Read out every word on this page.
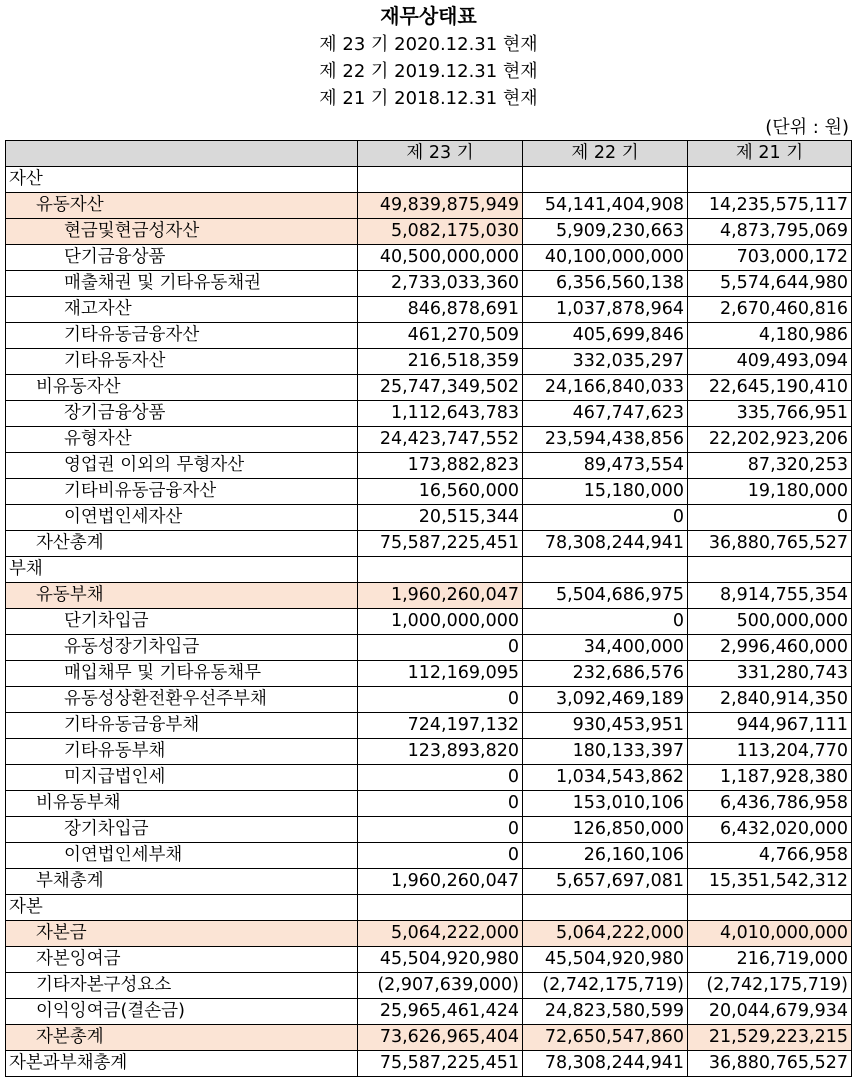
재무상태표
제 23 기 2020.12.31 현재
제 22 기 2019.12.31 현재
제 21 기 2018.12.31 현재
(단위 : 원)
	제 23 기	제 22 기	제 21 기
자산			
유동자산	49,839,875,949	54,141,404,908	14,235,575,117
현금및현금성자산	5,082,175,030	5,909,230,663	4,873,795,069
단기금융상품	40,500,000,000	40,100,000,000	703,000,172
매출채권 및 기타유동채권	2,733,033,360	6,356,560,138	5,574,644,980
재고자산	846,878,691	1,037,878,964	2,670,460,816
기타유동금융자산	461,270,509	405,699,846	4,180,986
기타유동자산	216,518,359	332,035,297	409,493,094
비유동자산	25,747,349,502	24,166,840,033	22,645,190,410
장기금융상품	1,112,643,783	467,747,623	335,766,951
유형자산	24,423,747,552	23,594,438,856	22,202,923,206
영업권 이외의 무형자산	173,882,823	89,473,554	87,320,253
기타비유동금융자산	16,560,000	15,180,000	19,180,000
이연법인세자산	20,515,344	0	0
자산총계	75,587,225,451	78,308,244,941	36,880,765,527
부채			
유동부채	1,960,260,047	5,504,686,975	8,914,755,354
단기차입금	1,000,000,000	0	500,000,000
유동성장기차입금	0	34,400,000	2,996,460,000
매입채무 및 기타유동채무	112,169,095	232,686,576	331,280,743
유동성상환전환우선주부채	0	3,092,469,189	2,840,914,350
기타유동금융부채	724,197,132	930,453,951	944,967,111
기타유동부채	123,893,820	180,133,397	113,204,770
미지급법인세	0	1,034,543,862	1,187,928,380
비유동부채	0	153,010,106	6,436,786,958
장기차입금	0	126,850,000	6,432,020,000
이연법인세부채	0	26,160,106	4,766,958
부채총계	1,960,260,047	5,657,697,081	15,351,542,312
자본			
자본금	5,064,222,000	5,064,222,000	4,010,000,000
자본잉여금	45,504,920,980	45,504,920,980	216,719,000
기타자본구성요소	(2,907,639,000)	(2,742,175,719)	(2,742,175,719)
이익잉여금(결손금)	25,965,461,424	24,823,580,599	20,044,679,934
자본총계	73,626,965,404	72,650,547,860	21,529,223,215
자본과부채총계	75,587,225,451	78,308,244,941	36,880,765,527
